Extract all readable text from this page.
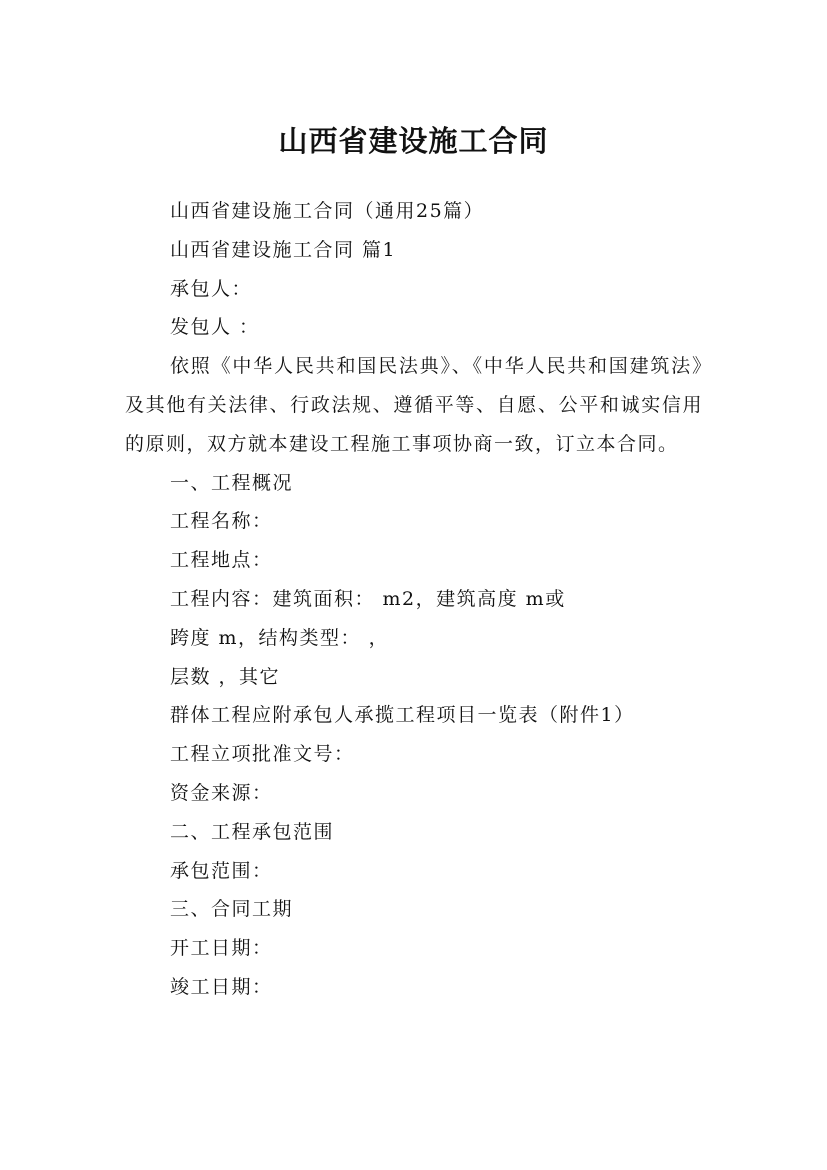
山西省建设施工合同

山西省建设施工合同（通用25篇）

山西省建设施工合同 篇1

承包人：

发包人 ：

依照《中华人民共和国民法典》、《中华人民共和国建筑法》及其他有关法律、行政法规、遵循平等、自愿、公平和诚实信用的原则，双方就本建设工程施工事项协商一致，订立本合同。

一、工程概况

工程名称：

工程地点：

工程内容：建筑面积： m2，建筑高度 m或

跨度 m，结构类型： ，

层数 ，其它

群体工程应附承包人承揽工程项目一览表（附件1）

工程立项批准文号：

资金来源：

二、工程承包范围

承包范围：

三、合同工期

开工日期：

竣工日期：
